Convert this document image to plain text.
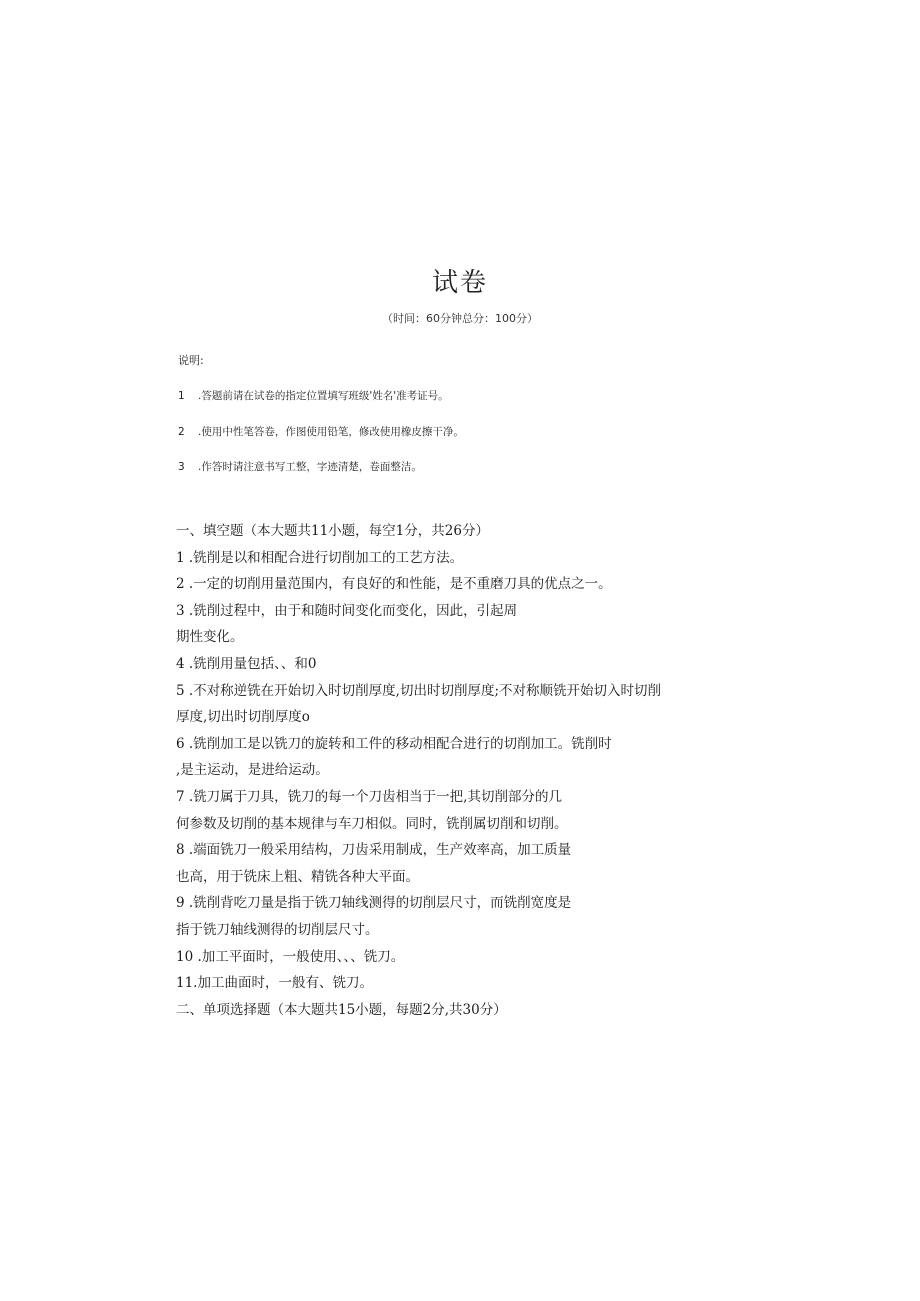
试卷
（时间：60分钟总分：100分）
说明:
1 .答题前请在试卷的指定位置填写班级'姓名'准考证号。
2 .使用中性笔答卷，作图使用铅笔，修改使用橡皮擦干净。
3 .作答时请注意书写工整，字迹清楚，卷面整洁。
一、填空题（本大题共11小题，每空1分，共26分）
1 .铣削是以和相配合进行切削加工的工艺方法。
2 .一定的切削用量范围内，有良好的和性能，是不重磨刀具的优点之一。
3 .铣削过程中，由于和随时间变化而变化，因此，引起周
期性变化。
4 .铣削用量包括、、和0
5 .不对称逆铣在开始切入时切削厚度,切出时切削厚度;不对称顺铣开始切入时切削
厚度,切出时切削厚度o
6 .铣削加工是以铣刀的旋转和工件的移动相配合进行的切削加工。铣削时
,是主运动，是进给运动。
7 .铣刀属于刀具，铣刀的每一个刀齿相当于一把,其切削部分的几
何参数及切削的基本规律与车刀相似。同时，铣削属切削和切削。
8 .端面铣刀一般采用结构，刀齿采用制成，生产效率高，加工质量
也高，用于铣床上粗、精铣各种大平面。
9 .铣削背吃刀量是指于铣刀轴线测得的切削层尺寸，而铣削宽度是
指于铣刀轴线测得的切削层尺寸。
10 .加工平面时，一般使用、、、铣刀。
11.加工曲面时，一般有、铣刀。
二、单项选择题（本大题共15小题，每题2分,共30分）
